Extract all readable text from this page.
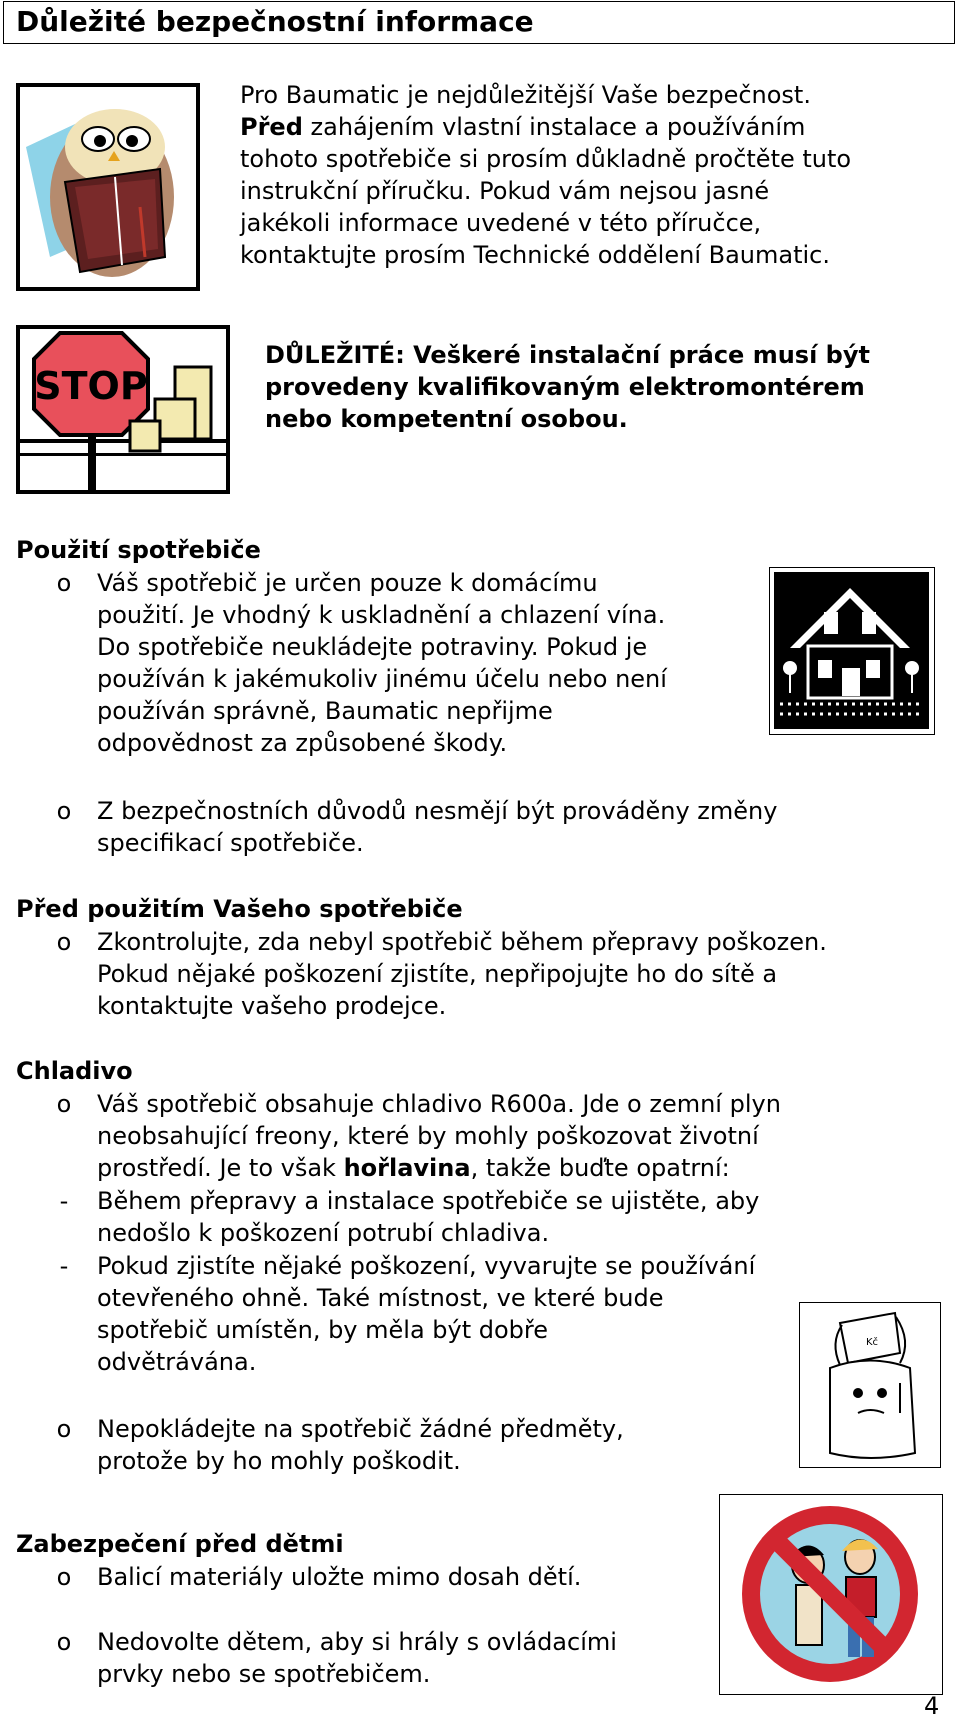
Důležité bezpečnostní informace
Pro Baumatic je nejdůležitější Vaše bezpečnost.
Před zahájením vlastní instalace a používáním
tohoto spotřebiče si prosím důkladně pročtěte tuto
instrukční příručku. Pokud vám nejsou jasné
jakékoli informace uvedené v této příručce,
kontaktujte prosím Technické oddělení Baumatic.
STOP
DŮLEŽITÉ: Veškeré instalační práce musí být
provedeny kvalifikovaným elektromontérem
nebo kompetentní osobou.
Použití spotřebiče
o	Váš spotřebič je určen pouze k domácímu
použití. Je vhodný k uskladnění a chlazení vína.
Do spotřebiče neukládejte potraviny. Pokud je
používán k jakémukoliv jinému účelu nebo není
používán správně, Baumatic nepřijme
odpovědnost za způsobené škody.
o	Z bezpečnostních důvodů nesmějí být prováděny změny
specifikací spotřebiče.
Před použitím Vašeho spotřebiče
o	Zkontrolujte, zda nebyl spotřebič během přepravy poškozen.
Pokud nějaké poškození zjistíte, nepřipojujte ho do sítě a
kontaktujte vašeho prodejce.
Chladivo
o	Váš spotřebič obsahuje chladivo R600a. Jde o zemní plyn
neobsahující freony, které by mohly poškozovat životní
prostředí. Je to však hořlavina, takže buďte opatrní:
-	Během přepravy a instalace spotřebiče se ujistěte, aby
nedošlo k poškození potrubí chladiva.
-	Pokud zjistíte nějaké poškození, vyvarujte se používání
otevřeného ohně. Také místnost, ve které bude
spotřebič umístěn, by měla být dobře
odvětrávána.
Kč
o	Nepokládejte na spotřebič žádné předměty,
protože by ho mohly poškodit.
Zabezpečení před dětmi
o	Balicí materiály uložte mimo dosah dětí.
o	Nedovolte dětem, aby si hrály s ovládacími
prvky nebo se spotřebičem.
4
